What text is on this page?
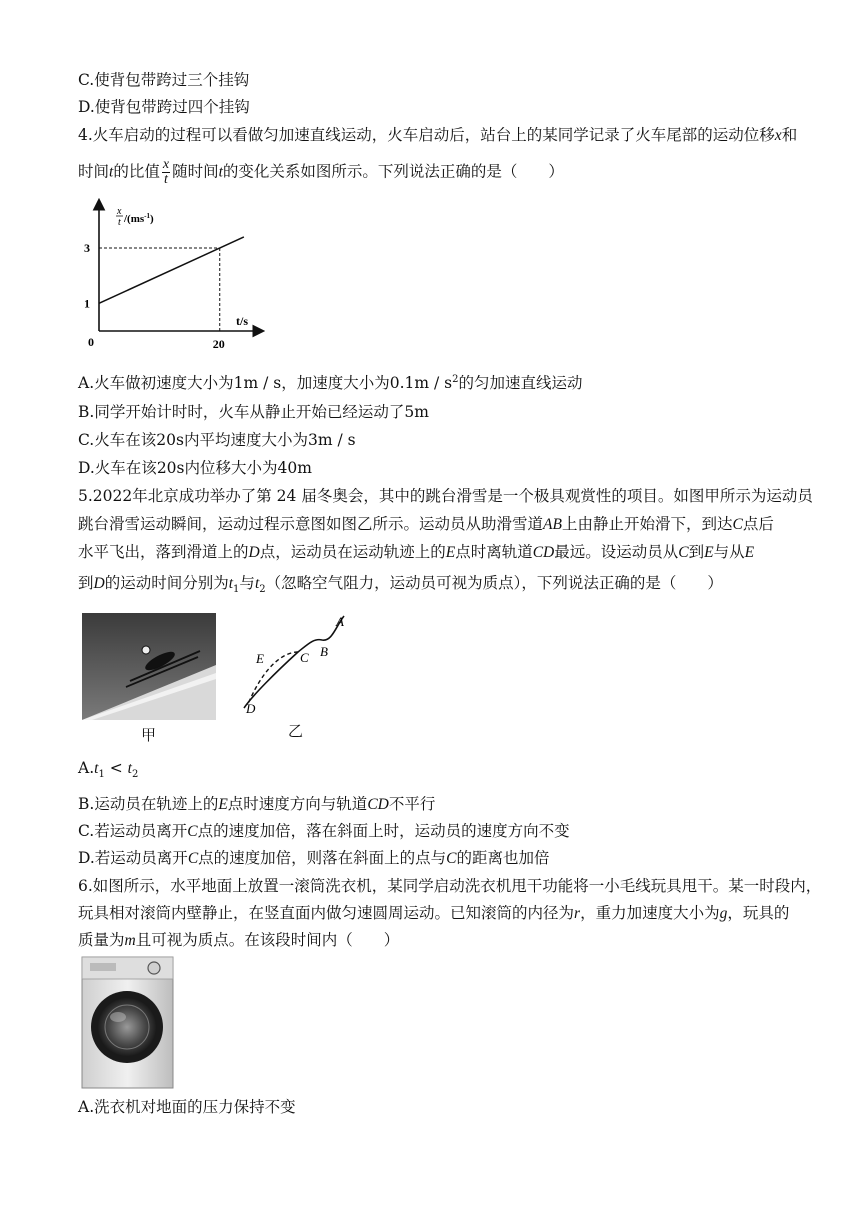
C.使背包带跨过三个挂钩
D.使背包带跨过四个挂钩
4.火车启动的过程可以看做匀加速直线运动，火车启动后，站台上的某同学记录了火车尾部的运动位移x和
时间t的比值 $\frac{x}{t}$ 随时间t的变化关系如图所示。下列说法正确的是（　　）
x
t $/(ms^{-1})$
t/s
0
1
3
20
A.火车做初速度大小为1m / s，加速度大小为$0.1m / s^2$的匀加速直线运动
B.同学开始计时时，火车从静止开始已经运动了5m
C.火车在该20s内平均速度大小为3m / s
D.火车在该20s内位移大小为40m
5.2022年北京成功举办了第 24 届冬奥会，其中的跳台滑雪是一个极具观赏性的项目。如图甲所示为运动员
跳台滑雪运动瞬间，运动过程示意图如图乙所示。运动员从助滑雪道AB上由静止开始滑下，到达C点后
水平飞出，落到滑道上的D点，运动员在运动轨迹上的E点时离轨道CD最远。设运动员从C到E与从E
到D的运动时间分别为$t_1$与$t_2$（忽略空气阻力，运动员可视为质点），下列说法正确的是（　　）
甲
A
B
C
E
D
乙
$A.t_1 < t_2$
B.运动员在轨迹上的E点时速度方向与轨道CD不平行
C.若运动员离开C点的速度加倍，落在斜面上时，运动员的速度方向不变
D.若运动员离开C点的速度加倍，则落在斜面上的点与C的距离也加倍
6.如图所示，水平地面上放置一滚筒洗衣机，某同学启动洗衣机甩干功能将一小毛线玩具甩干。某一时段内，
玩具相对滚筒内壁静止，在竖直面内做匀速圆周运动。已知滚筒的内径为r，重力加速度大小为g，玩具的
质量为m且可视为质点。在该段时间内（　　）
A.洗衣机对地面的压力保持不变
